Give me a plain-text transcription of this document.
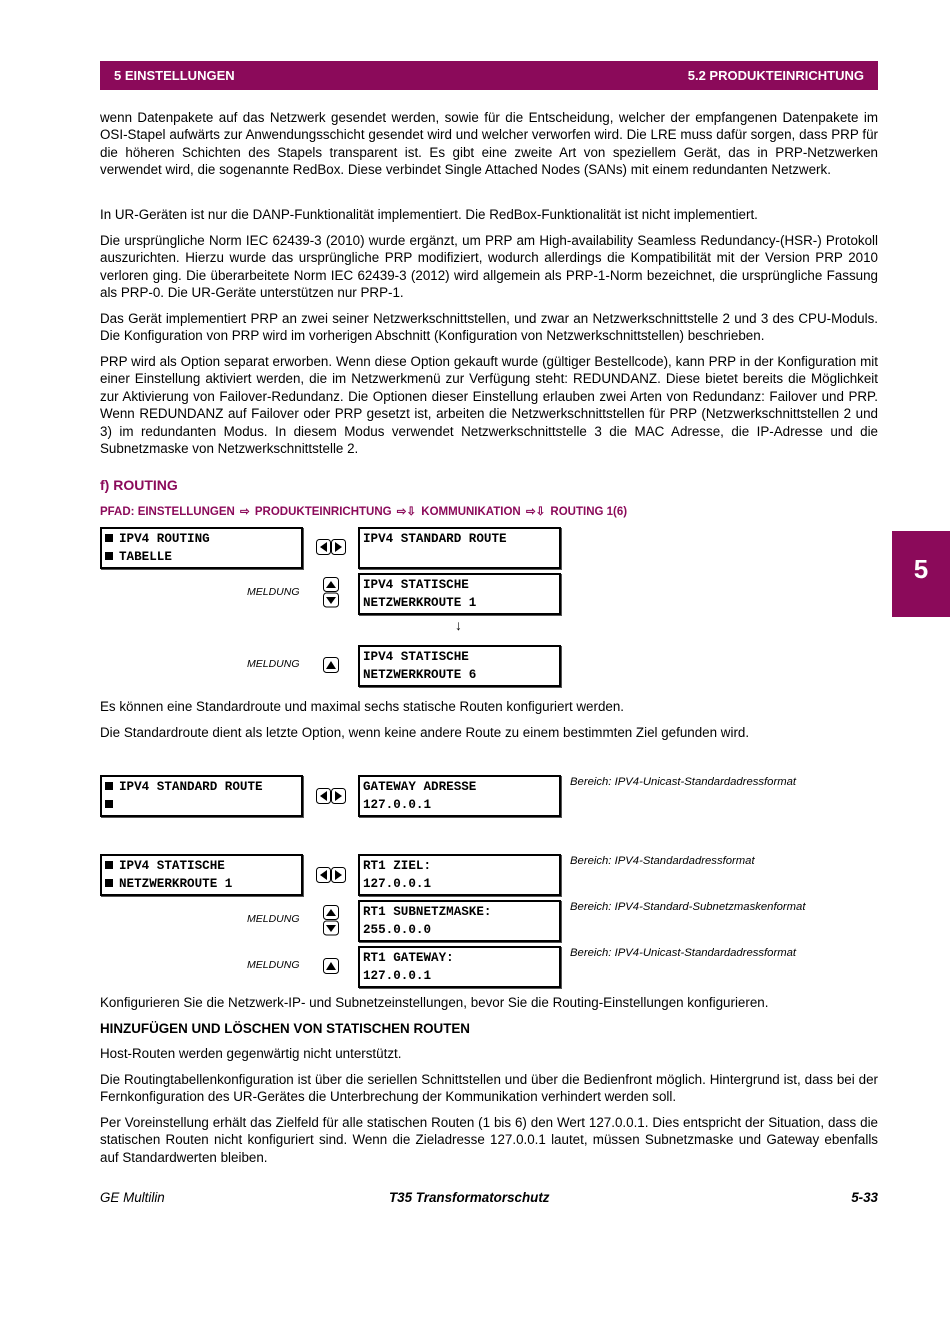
5 EINSTELLUNGEN	5.2 PRODUKTEINRICHTUNG
5
wenn Datenpakete auf das Netzwerk gesendet werden, sowie für die Entscheidung, welcher der empfangenen Datenpakete im OSI-Stapel aufwärts zur Anwendungsschicht gesendet wird und welcher verworfen wird. Die LRE muss dafür sorgen, dass PRP für die höheren Schichten des Stapels transparent ist. Es gibt eine zweite Art von speziellem Gerät, das in PRP-Netzwerken verwendet wird, die sogenannte RedBox. Diese verbindet Single Attached Nodes (SANs) mit einem redundanten Netzwerk.
In UR-Geräten ist nur die DANP-Funktionalität implementiert. Die RedBox-Funktionalität ist nicht implementiert.
Die ursprüngliche Norm IEC 62439-3 (2010) wurde ergänzt, um PRP am High-availability Seamless Redundancy-(HSR-) Protokoll auszurichten. Hierzu wurde das ursprüngliche PRP modifiziert, wodurch allerdings die Kompatibilität mit der Version PRP 2010 verloren ging. Die überarbeitete Norm IEC 62439-3 (2012) wird allgemein als PRP-1-Norm bezeichnet, die ursprüngliche Fassung als PRP-0. Die UR-Geräte unterstützen nur PRP-1.
Das Gerät implementiert PRP an zwei seiner Netzwerkschnittstellen, und zwar an Netzwerkschnittstelle 2 und 3 des CPU-Moduls. Die Konfiguration von PRP wird im vorherigen Abschnitt (Konfiguration von Netzwerkschnittstellen) beschrieben.
PRP wird als Option separat erworben. Wenn diese Option gekauft wurde (gültiger Bestellcode), kann PRP in der Konfiguration mit einer Einstellung aktiviert werden, die im Netzwerkmenü zur Verfügung steht: REDUNDANZ. Diese bietet bereits die Möglichkeit zur Aktivierung von Failover-Redundanz. Die Optionen dieser Einstellung erlauben zwei Arten von Redundanz: Failover und PRP. Wenn REDUNDANZ auf Failover oder PRP gesetzt ist, arbeiten die Netzwerkschnittstellen für PRP (Netzwerkschnittstellen 2 und 3) im redundanten Modus. In diesem Modus verwendet Netzwerkschnittstelle 3 die MAC Adresse, die IP-Adresse und die Subnetzmaske von Netzwerkschnittstelle 2.
f) ROUTING
PFAD: EINSTELLUNGEN ⇨ PRODUKTEINRICHTUNG ⇨⇩ KOMMUNIKATION ⇨⇩ ROUTING 1(6)
IPV4 ROUTING
TABELLE
IPV4 STANDARD ROUTE
MELDUNG	IPV4 STATISCHE
NETZWERKROUTE 1
↓
MELDUNG	IPV4 STATISCHE
NETZWERKROUTE 6
Es können eine Standardroute und maximal sechs statische Routen konfiguriert werden.
Die Standardroute dient als letzte Option, wenn keine andere Route zu einem bestimmten Ziel gefunden wird.
IPV4 STANDARD ROUTE	GATEWAY ADRESSE
127.0.0.1
Bereich: IPV4-Unicast-Standardadressformat
IPV4 STATISCHE
NETZWERKROUTE 1
RT1 ZIEL:
127.0.0.1
Bereich: IPV4-Standardadressformat
MELDUNG	RT1 SUBNETZMASKE:
255.0.0.0
Bereich: IPV4-Standard-Subnetzmaskenformat
MELDUNG	RT1 GATEWAY:
127.0.0.1
Bereich: IPV4-Unicast-Standardadressformat
Konfigurieren Sie die Netzwerk-IP- und Subnetzeinstellungen, bevor Sie die Routing-Einstellungen konfigurieren.
HINZUFÜGEN UND LÖSCHEN VON STATISCHEN ROUTEN
Host-Routen werden gegenwärtig nicht unterstützt.
Die Routingtabellenkonfiguration ist über die seriellen Schnittstellen und über die Bedienfront möglich. Hintergrund ist, dass bei der Fernkonfiguration des UR-Gerätes die Unterbrechung der Kommunikation verhindert werden soll.
Per Voreinstellung erhält das Zielfeld für alle statischen Routen (1 bis 6) den Wert 127.0.0.1. Dies entspricht der Situation, dass die statischen Routen nicht konfiguriert sind. Wenn die Zieladresse 127.0.0.1 lautet, müssen Subnetzmaske und Gateway ebenfalls auf Standardwerten bleiben.
GE Multilin	T35 Transformatorschutz	5-33
